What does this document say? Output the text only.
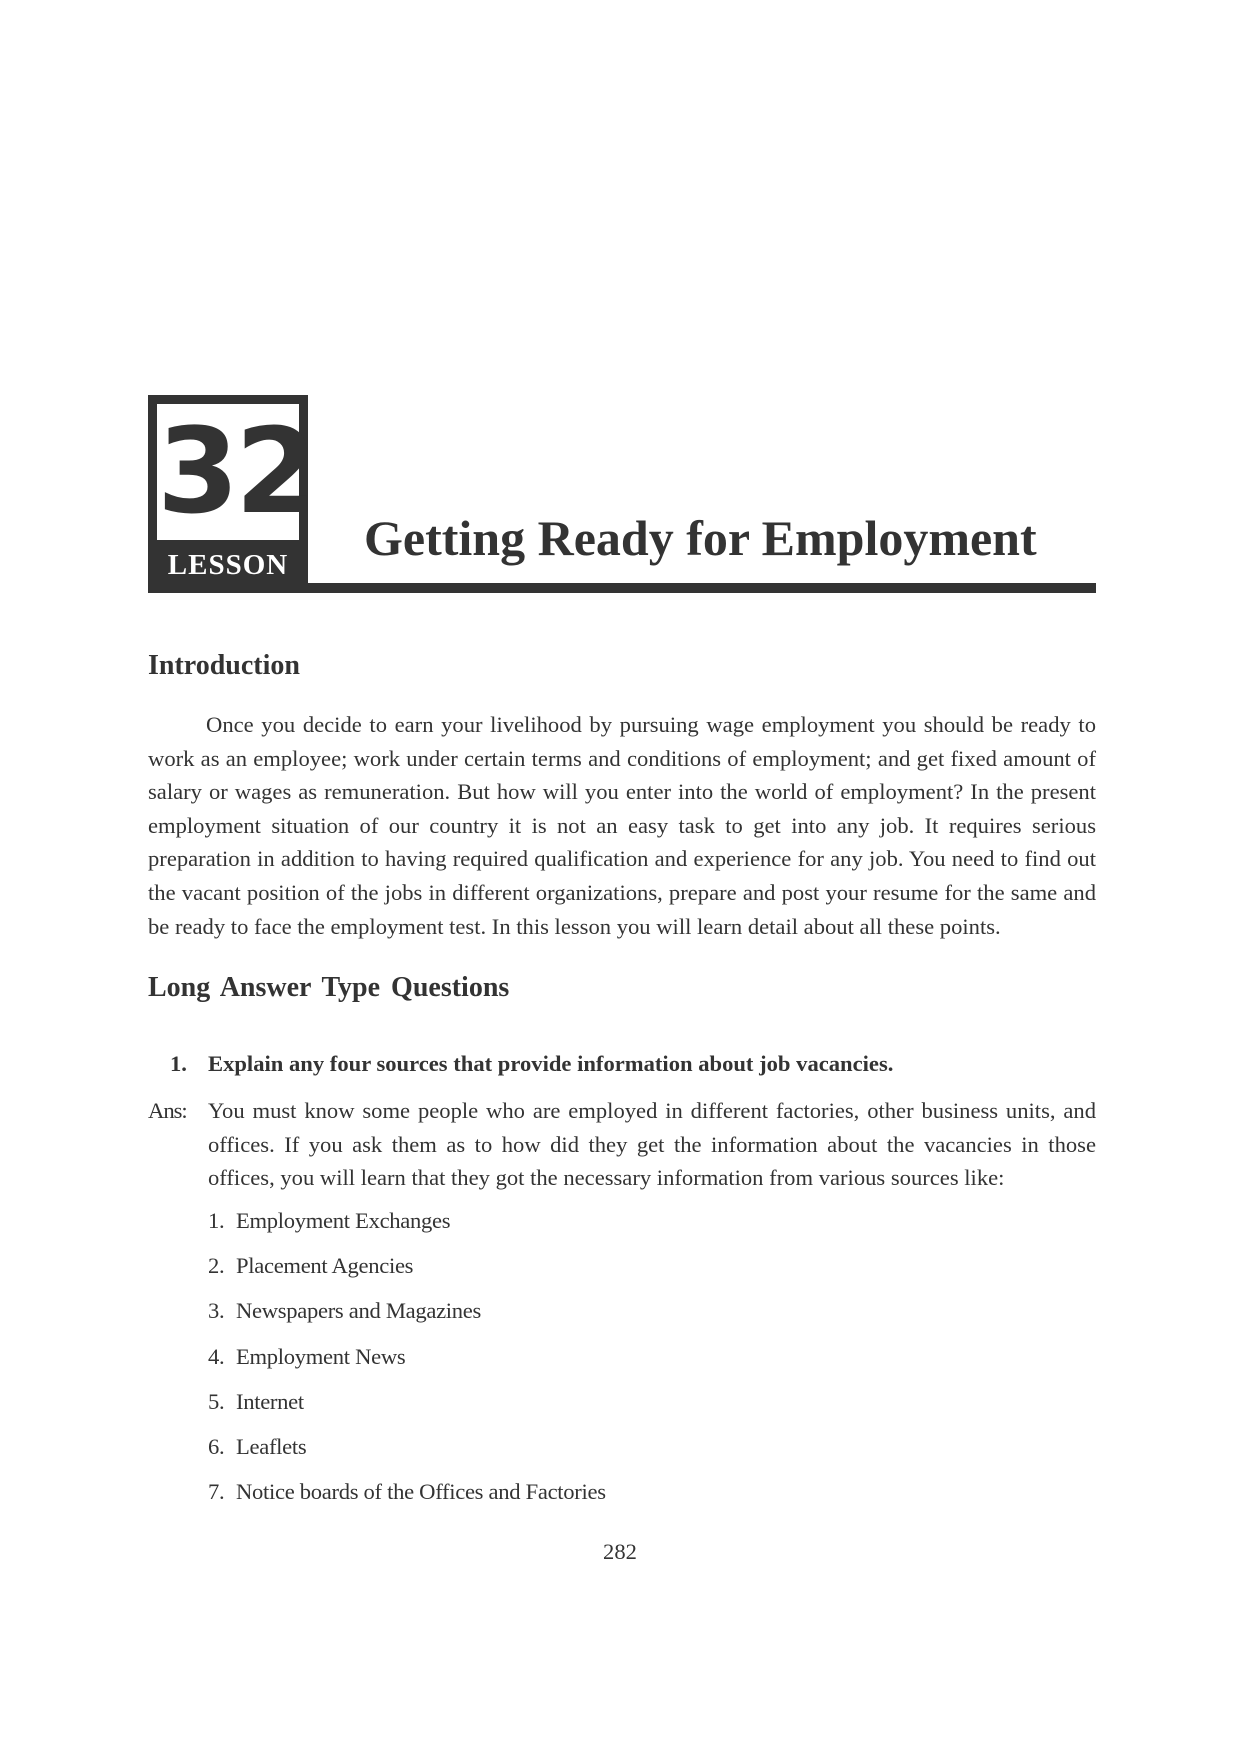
32
LESSON	Getting Ready for Employment
Introduction

Once you decide to earn your livelihood by pursuing wage employment you should be ready to work as an employee; work under certain terms and conditions of employment; and get fixed amount of salary or wages as remuneration. But how will you enter into the world of employment? In the present employment situation of our country it is not an easy task to get into any job. It requires serious preparation in addition to having required qualification and experience for any job. You need to find out the vacant position of the jobs in different organizations, prepare and post your resume for the same and be ready to face the employment test. In this lesson you will learn detail about all these points.

Long Answer Type Questions
1. Explain any four sources that provide information about job vacancies.
Ans: You must know some people who are employed in different factories, other business units, and offices. If you ask them as to how did they get the information about the vacancies in those offices, you will learn that they got the necessary information from various sources like:

1. Employment Exchanges
2. Placement Agencies
3. Newspapers and Magazines
4. Employment News
5. Internet
6. Leaflets
7. Notice boards of the Offices and Factories
282
